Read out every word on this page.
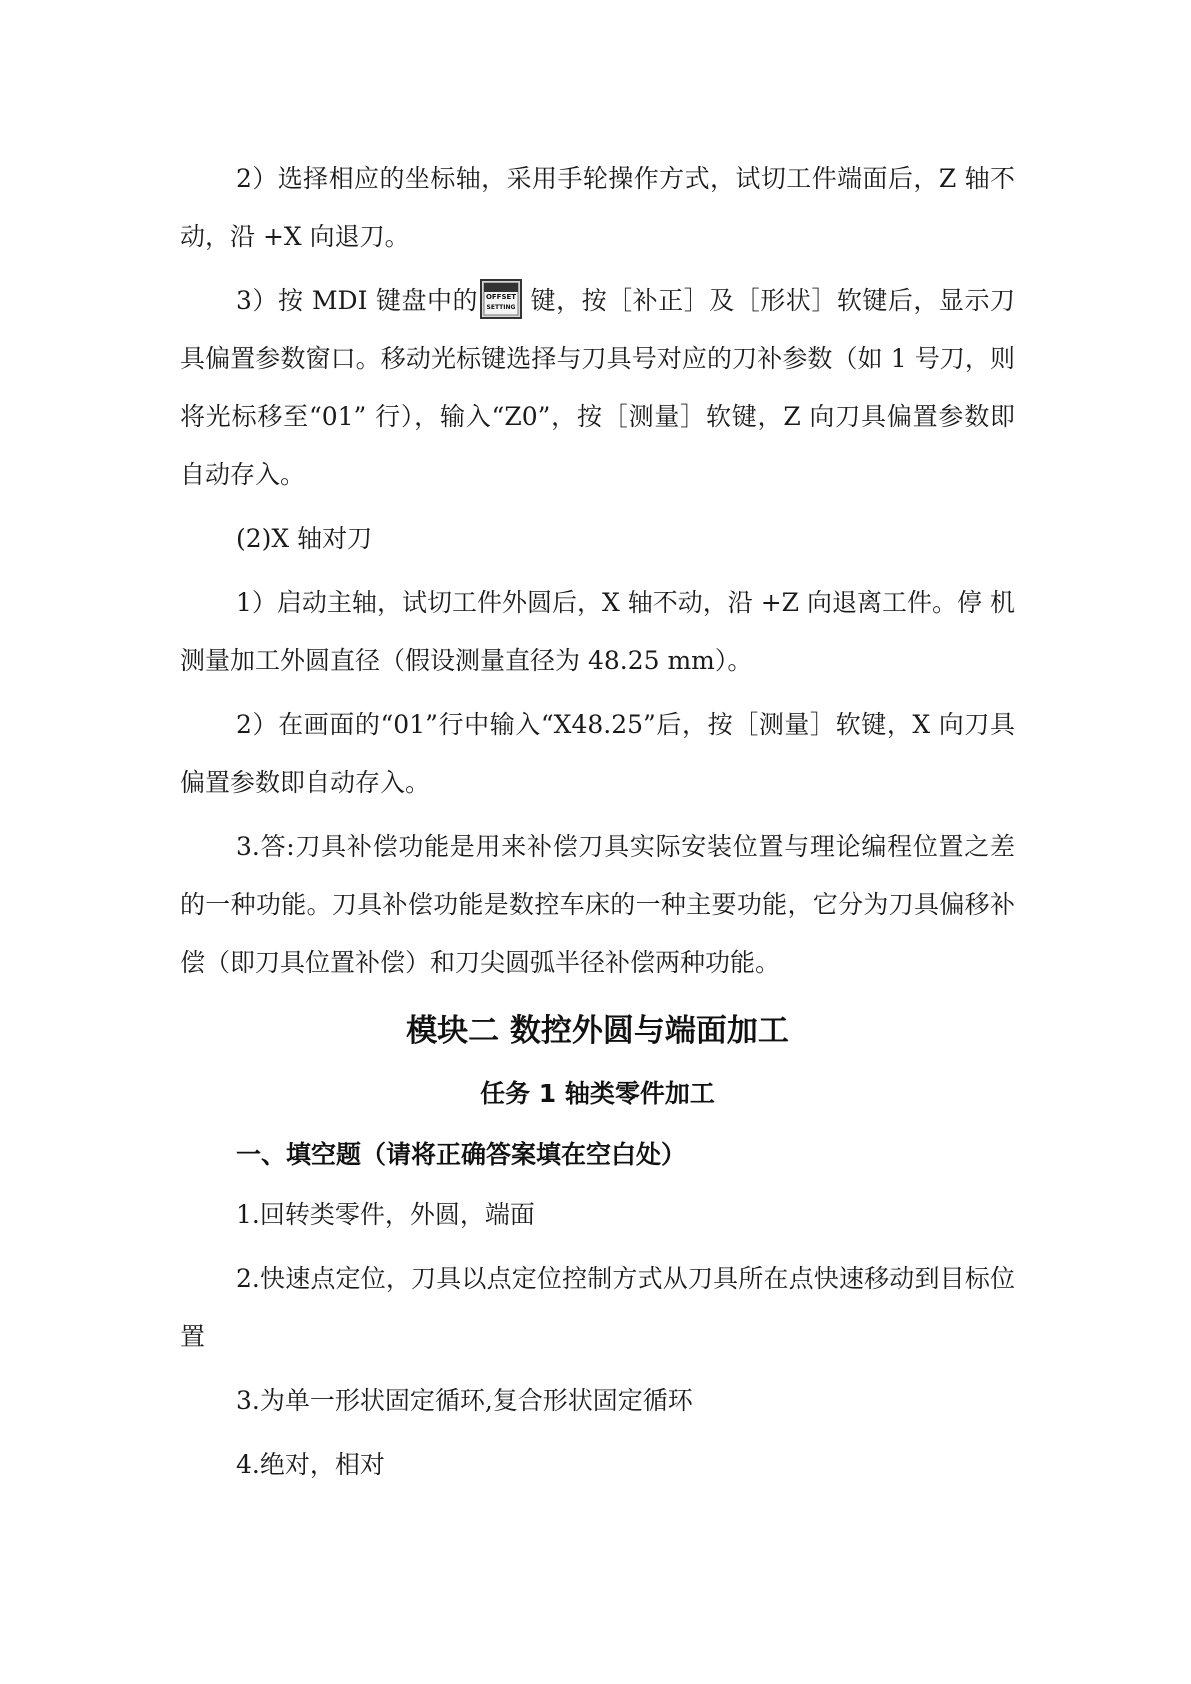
2）选择相应的坐标轴，采用手轮操作方式，试切工件端面后，Z 轴不动，沿 +X 向退刀。

3）按 MDI 键盘中的 OFFSET
SETTING 键，按［补正］及［形状］软键后，显示刀具偏置参数窗口。移动光标键选择与刀具号对应的刀补参数（如 1 号刀，则将光标移至“01” 行），输入“Z0”，按［测量］软键，Z 向刀具偏置参数即自动存入。

(2)X 轴对刀

1）启动主轴，试切工件外圆后，X 轴不动，沿 +Z 向退离工件。停 机测量加工外圆直径（假设测量直径为 48.25 mm）。

2）在画面的“01”行中输入“X48.25”后，按［测量］软键，X 向刀具偏置参数即自动存入。

3.答:刀具补偿功能是用来补偿刀具实际安装位置与理论编程位置之差的一种功能。刀具补偿功能是数控车床的一种主要功能，它分为刀具偏移补偿（即刀具位置补偿）和刀尖圆弧半径补偿两种功能。

模块二 数控外圆与端面加工
任务 1 轴类零件加工
一、填空题（请将正确答案填在空白处）

1.回转类零件，外圆，端面

2.快速点定位，刀具以点定位控制方式从刀具所在点快速移动到目标位置

3.为单一形状固定循环,复合形状固定循环

4.绝对，相对
